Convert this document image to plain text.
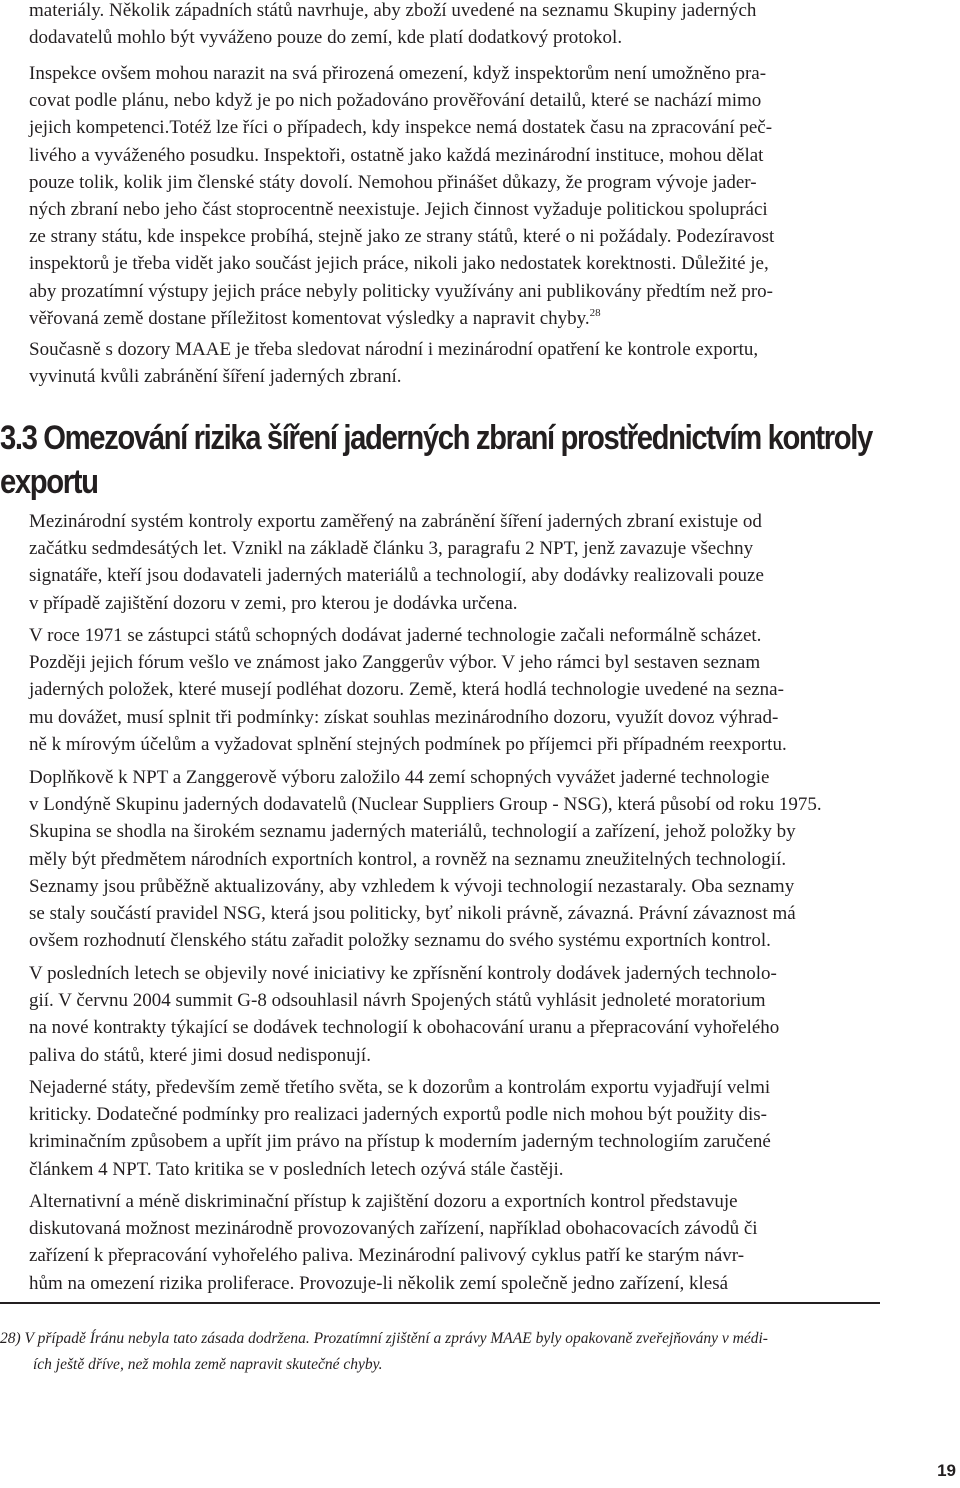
materiály. Několik západních států navrhuje, aby zboží uvedené na seznamu Skupiny jaderných
dodavatelů mohlo být vyváženo pouze do zemí, kde platí dodatkový protokol.

Inspekce ovšem mohou narazit na svá přirozená omezení, když inspektorům není umožněno pra-
covat podle plánu, nebo když je po nich požadováno prověřování detailů, které se nachází mimo
jejich kompetenci.Totéž lze říci o případech, kdy inspekce nemá dostatek času na zpracování peč-
livého a vyváženého posudku. Inspektoři, ostatně jako každá mezinárodní instituce, mohou dělat
pouze tolik, kolik jim členské státy dovolí. Nemohou přinášet důkazy, že program vývoje jader-
ných zbraní nebo jeho část stoprocentně neexistuje. Jejich činnost vyžaduje politickou spolupráci
ze strany státu, kde inspekce probíhá, stejně jako ze strany států, které o ni požádaly. Podezíravost
inspektorů je třeba vidět jako součást jejich práce, nikoli jako nedostatek korektnosti. Důležité je,
aby prozatímní výstupy jejich práce nebyly politicky využívány ani publikovány předtím než pro-
věřovaná země dostane příležitost komentovat výsledky a napravit chyby.$^{28}$

Současně s dozory MAAE je třeba sledovat národní i mezinárodní opatření ke kontrole exportu,
vyvinutá kvůli zabránění šíření jaderných zbraní.

3.3 Omezování rizika šíření jaderných zbraní prostřednictvím kontroly
exportu

Mezinárodní systém kontroly exportu zaměřený na zabránění šíření jaderných zbraní existuje od
začátku sedmdesátých let. Vznikl na základě článku 3, paragrafu 2 NPT, jenž zavazuje všechny
signatáře, kteří jsou dodavateli jaderných materiálů a technologií, aby dodávky realizovali pouze
v případě zajištění dozoru v zemi, pro kterou je dodávka určena.

V roce 1971 se zástupci států schopných dodávat jaderné technologie začali neformálně scházet.
Později jejich fórum vešlo ve známost jako Zanggerův výbor. V jeho rámci byl sestaven seznam
jaderných položek, které musejí podléhat dozoru. Země, která hodlá technologie uvedené na sezna-
mu dovážet, musí splnit tři podmínky: získat souhlas mezinárodního dozoru, využít dovoz výhrad-
ně k mírovým účelům a vyžadovat splnění stejných podmínek po příjemci při případném reexportu.

Doplňkově k NPT a Zanggerově výboru založilo 44 zemí schopných vyvážet jaderné technologie
v Londýně Skupinu jaderných dodavatelů (Nuclear Suppliers Group - NSG), která působí od roku 1975.
Skupina se shodla na širokém seznamu jaderných materiálů, technologií a zařízení, jehož položky by
měly být předmětem národních exportních kontrol, a rovněž na seznamu zneužitelných technologií.
Seznamy jsou průběžně aktualizovány, aby vzhledem k vývoji technologií nezastaraly. Oba seznamy
se staly součástí pravidel NSG, která jsou politicky, byť nikoli právně, závazná. Právní závaznost má
ovšem rozhodnutí členského státu zařadit položky seznamu do svého systému exportních kontrol.

V posledních letech se objevily nové iniciativy ke zpřísnění kontroly dodávek jaderných technolo-
gií. V červnu 2004 summit G-8 odsouhlasil návrh Spojených států vyhlásit jednoleté moratorium
na nové kontrakty týkající se dodávek technologií k obohacování uranu a přepracování vyhořelého
paliva do států, které jimi dosud nedisponují.

Nejaderné státy, především země třetího světa, se k dozorům a kontrolám exportu vyjadřují velmi
kriticky. Dodatečné podmínky pro realizaci jaderných exportů podle nich mohou být použity dis-
kriminačním způsobem a upřít jim právo na přístup k moderním jaderným technologiím zaručené
článkem 4 NPT. Tato kritika se v posledních letech ozývá stále častěji.

Alternativní a méně diskriminační přístup k zajištění dozoru a exportních kontrol představuje
diskutovaná možnost mezinárodně provozovaných zařízení, například obohacovacích závodů či
zařízení k přepracování vyhořelého paliva. Mezinárodní palivový cyklus patří ke starým návr-
hům na omezení rizika proliferace. Provozuje-li několik zemí společně jedno zařízení, klesá

28) V případě Íránu nebyla tato zásada dodržena. Prozatímní zjištění a zprávy MAAE byly opakovaně zveřejňovány v médi-
ích ještě dříve, než mohla země napravit skutečné chyby.

19
